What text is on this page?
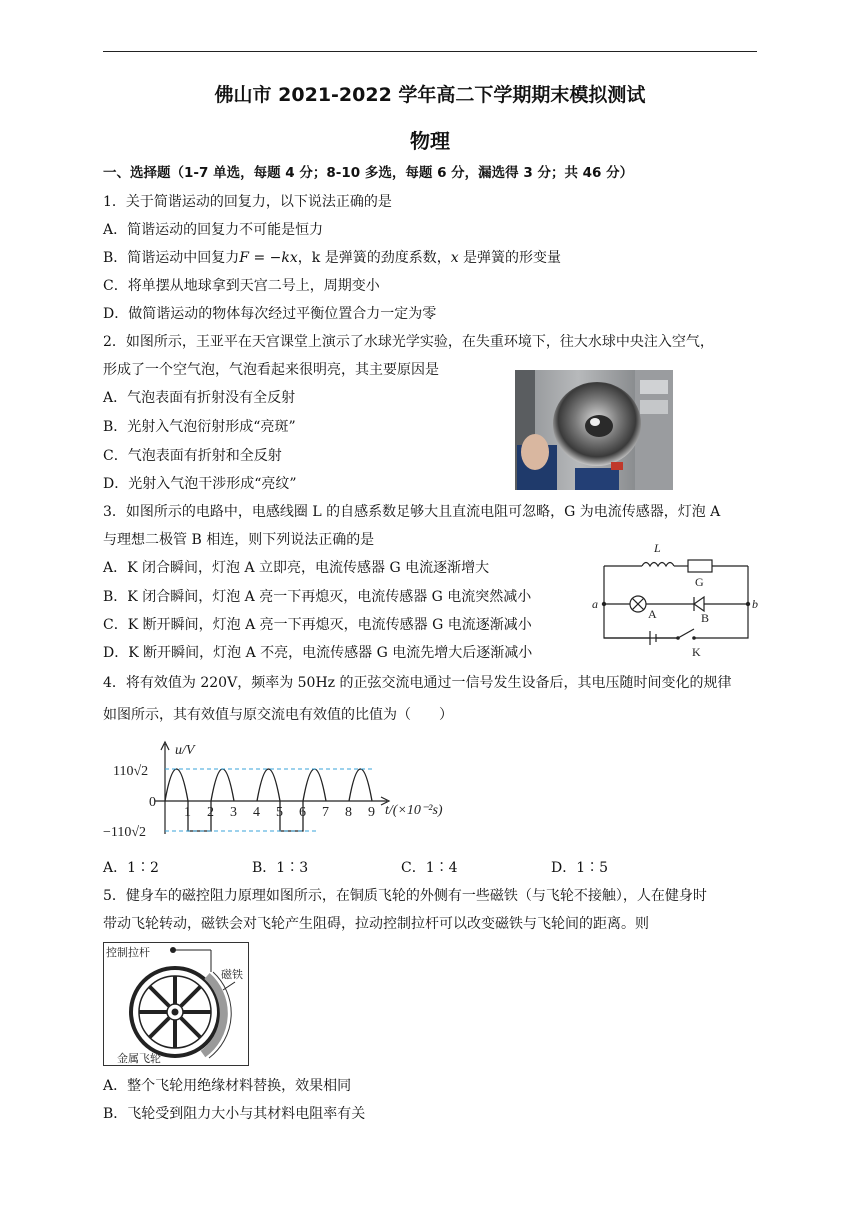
佛山市 2021-2022 学年高二下学期期末模拟测试
物理
一、选择题（1-7 单选，每题 4 分；8-10 多选，每题 6 分，漏选得 3 分；共 46 分）
1．关于简谐运动的回复力，以下说法正确的是
A．简谐运动的回复力不可能是恒力
B．简谐运动中回复力F = −kx，k 是弹簧的劲度系数，x 是弹簧的形变量
C．将单摆从地球拿到天宫二号上，周期变小
D．做简谐运动的物体每次经过平衡位置合力一定为零
2．如图所示，王亚平在天宫课堂上演示了水球光学实验，在失重环境下，往大水球中央注入空气，
形成了一个空气泡，气泡看起来很明亮，其主要原因是
A．气泡表面有折射没有全反射
B．光射入气泡衍射形成“亮斑”
C．气泡表面有折射和全反射
D．光射入气泡干涉形成“亮纹”
3．如图所示的电路中，电感线圈 L 的自感系数足够大且直流电阻可忽略，G 为电流传感器，灯泡 A
与理想二极管 B 相连，则下列说法正确的是
A．K 闭合瞬间，灯泡 A 立即亮，电流传感器 G 电流逐渐增大
B．K 闭合瞬间，灯泡 A 亮一下再熄灭，电流传感器 G 电流突然减小
C．K 断开瞬间，灯泡 A 亮一下再熄灭，电流传感器 G 电流逐渐减小
D．K 断开瞬间，灯泡 A 不亮，电流传感器 G 电流先增大后逐渐减小
L
G
a	b
A	B
K
4．将有效值为 220V，频率为 50Hz 的正弦交流电通过一信号发生设备后，其电压随时间变化的规律
如图所示，其有效值与原交流电有效值的比值为（　　）
u/V
110√2
0
−110√2
t/(×10⁻²s)
1 2 3 4 5 6 7 8 9
A．1∶2	B．1∶3	C．1∶4	D．1∶5
5．健身车的磁控阻力原理如图所示，在铜质飞轮的外侧有一些磁铁（与飞轮不接触），人在健身时
带动飞轮转动，磁铁会对飞轮产生阻碍，拉动控制拉杆可以改变磁铁与飞轮间的距离。则
控制拉杆
磁铁
金属飞轮
A．整个飞轮用绝缘材料替换，效果相同
B．飞轮受到阻力大小与其材料电阻率有关
